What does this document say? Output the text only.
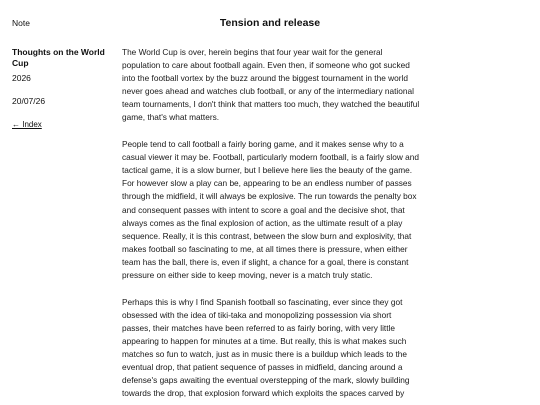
Note

Thoughts on the World Cup

2026

20/07/26

← Index
Tension and release

The World Cup is over, herein begins that four year wait for the general population to care about football again. Even then, if someone who got sucked into the football vortex by the buzz around the biggest tournament in the world never goes ahead and watches club football, or any of the intermediary national team tournaments, I don't think that matters too much, they watched the beautiful game, that's what matters.

People tend to call football a fairly boring game, and it makes sense why to a casual viewer it may be. Football, particularly modern football, is a fairly slow and tactical game, it is a slow burner, but I believe here lies the beauty of the game. For however slow a play can be, appearing to be an endless number of passes through the midfield, it will always be explosive. The run towards the penalty box and consequent passes with intent to score a goal and the decisive shot, that always comes as the final explosion of action, as the ultimate result of a play sequence. Really, it is this contrast, between the slow burn and explosivity, that makes football so fascinating to me, at all times there is pressure, when either team has the ball, there is, even if slight, a chance for a goal, there is constant pressure on either side to keep moving, never is a match truly static.

Perhaps this is why I find Spanish football so fascinating, ever since they got obsessed with the idea of tiki-taka and monopolizing possession via short passes, their matches have been referred to as fairly boring, with very little appearing to happen for minutes at a time. But really, this is what makes such matches so fun to watch, just as in music there is a buildup which leads to the eventual drop, that patient sequence of passes in midfield, dancing around a defense's gaps awaiting the eventual overstepping of the mark, slowly building towards the drop, that explosion forward which exploits the spaces carved by
